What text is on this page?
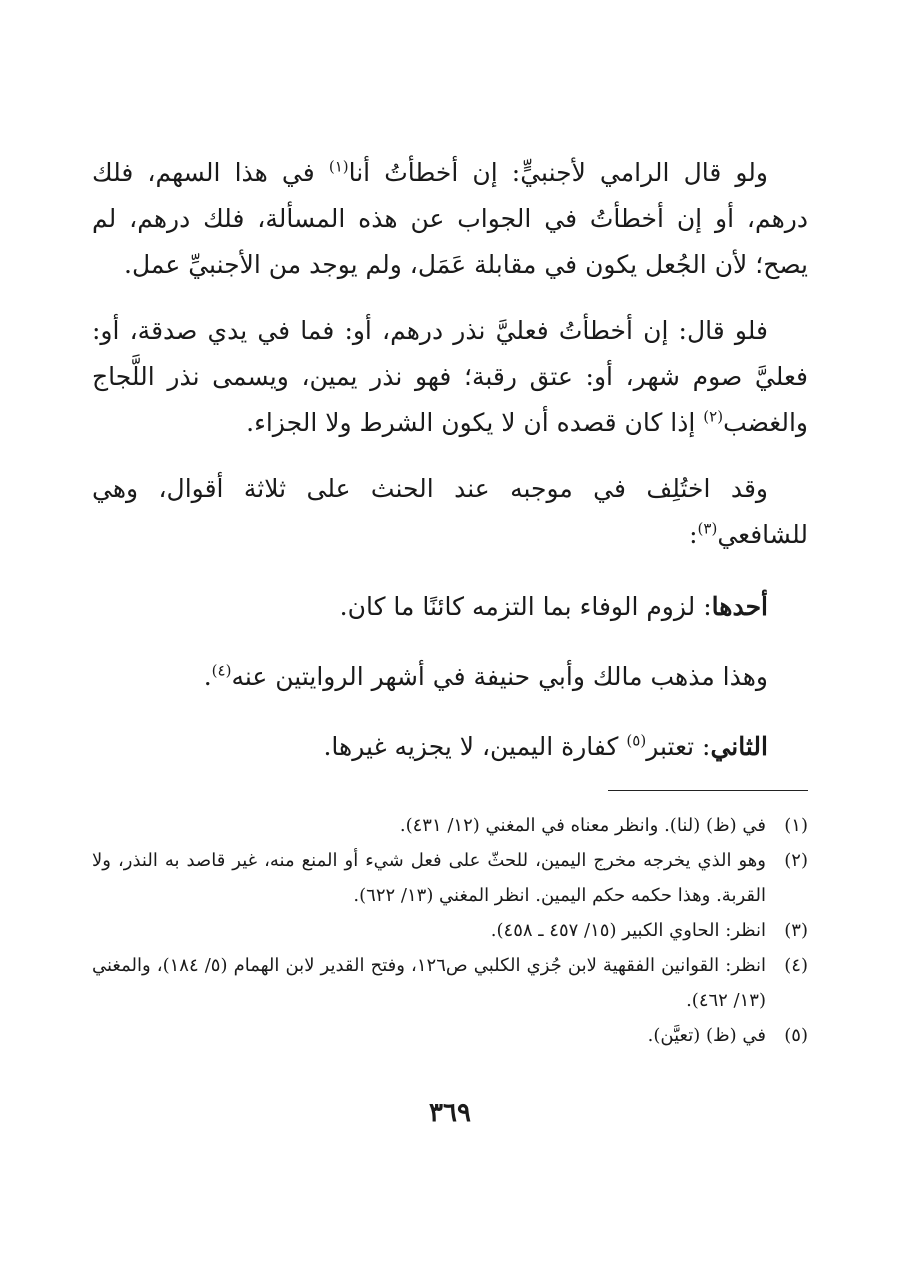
ولو قال الرامي لأجنبيٍّ: إن أخطأتُ أنا$^{(١)}$ في هذا السهم، فلك درهم، أو إن أخطأتُ في الجواب عن هذه المسألة، فلك درهم، لم يصح؛ لأن الجُعل يكون في مقابلة عَمَل، ولم يوجد من الأجنبيِّ عمل.

فلو قال: إن أخطأتُ فعليَّ نذر درهم، أو: فما في يدي صدقة، أو: فعليَّ صوم شهر، أو: عتق رقبة؛ فهو نذر يمين، ويسمى نذر اللَّجاج والغضب$^{(٢)}$ إذا كان قصده أن لا يكون الشرط ولا الجزاء.

وقد اختُلِف في موجبه عند الحنث على ثلاثة أقوال، وهي للشافعي$^{(٣)}$:

أحدها: لزوم الوفاء بما التزمه كائنًا ما كان.

وهذا مذهب مالك وأبي حنيفة في أشهر الروايتين عنه$^{(٤)}$.

الثاني: تعتبر$^{(٥)}$ كفارة اليمين، لا يجزيه غيرها.

(١)
في (ظ) (لنا). وانظر معناه في المغني (١٢/ ٤٣١).
(٢)
وهو الذي يخرجه مخرج اليمين، للحثّ على فعل شيء أو المنع منه، غير قاصد به النذر، ولا القربة. وهذا حكمه حكم اليمين. انظر المغني (١٣/ ٦٢٢).
(٣)
انظر: الحاوي الكبير (١٥/ ٤٥٧ ـ ٤٥٨).
(٤)
انظر: القوانين الفقهية لابن جُزي الكلبي ص١٢٦، وفتح القدير لابن الهمام (٥/ ١٨٤)، والمغني (١٣/ ٤٦٢).
(٥)
في (ظ) (تعيَّن).
٣٦٩
